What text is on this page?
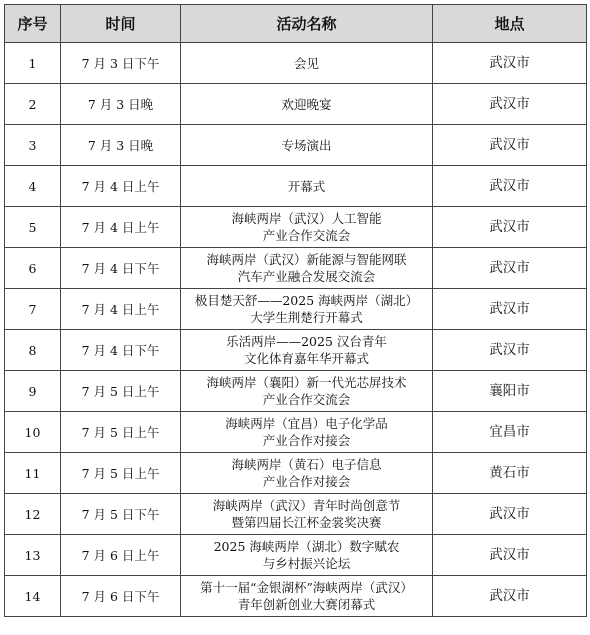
序号	时间	活动名称	地点
1	7 月 3 日下午	会见	武汉市
2	7 月 3 日晚	欢迎晚宴	武汉市
3	7 月 3 日晚	专场演出	武汉市
4	7 月 4 日上午	开幕式	武汉市
5	7 月 4 日上午	海峡两岸（武汉）人工智能
产业合作交流会	武汉市
6	7 月 4 日下午	海峡两岸（武汉）新能源与智能网联
汽车产业融合发展交流会	武汉市
7	7 月 4 日上午	极目楚天舒——2025 海峡两岸（湖北）
大学生荆楚行开幕式	武汉市
8	7 月 4 日下午	乐活两岸——2025 汉台青年
文化体育嘉年华开幕式	武汉市
9	7 月 5 日上午	海峡两岸（襄阳）新一代光芯屏技术
产业合作交流会	襄阳市
10	7 月 5 日上午	海峡两岸（宜昌）电子化学品
产业合作对接会	宜昌市
11	7 月 5 日上午	海峡两岸（黄石）电子信息
产业合作对接会	黄石市
12	7 月 5 日下午	海峡两岸（武汉）青年时尚创意节
暨第四届长江杯金裳奖决赛	武汉市
13	7 月 6 日上午	2025 海峡两岸（湖北）数字赋农
与乡村振兴论坛	武汉市
14	7 月 6 日下午	第十一届“金银湖杯”海峡两岸（武汉）
青年创新创业大赛闭幕式	武汉市
